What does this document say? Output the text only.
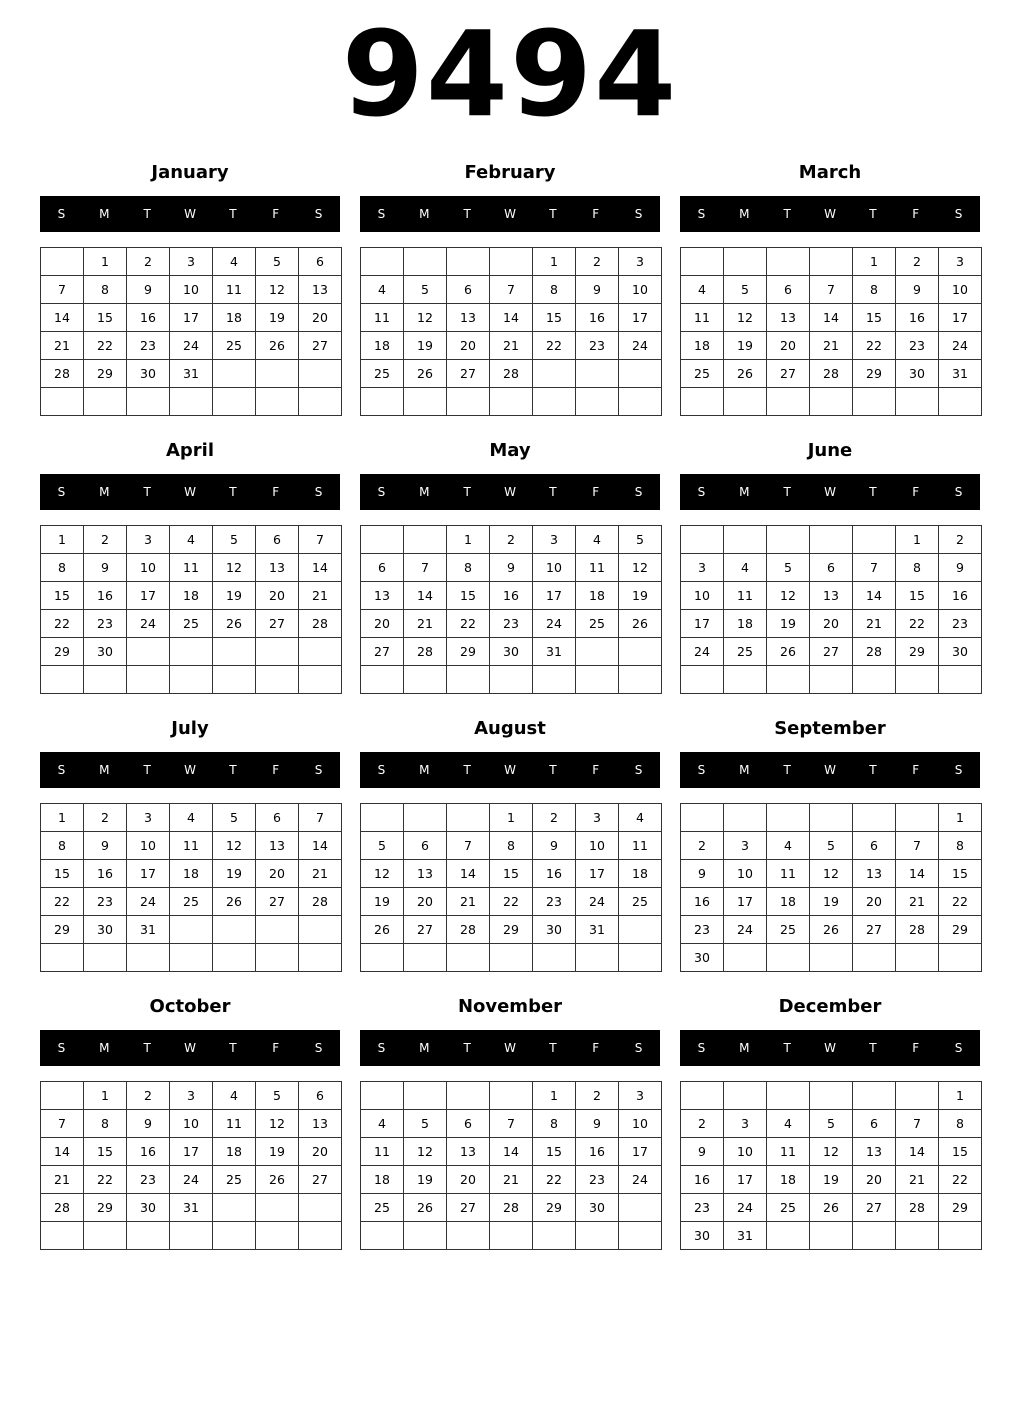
9494
January
S	M	T	W	T	F	S
	1	2	3	4	5	6
7	8	9	10	11	12	13
14	15	16	17	18	19	20
21	22	23	24	25	26	27
28	29	30	31			

February
S	M	T	W	T	F	S
				1	2	3
4	5	6	7	8	9	10
11	12	13	14	15	16	17
18	19	20	21	22	23	24
25	26	27	28			

March
S	M	T	W	T	F	S
				1	2	3
4	5	6	7	8	9	10
11	12	13	14	15	16	17
18	19	20	21	22	23	24
25	26	27	28	29	30	31

April
S	M	T	W	T	F	S
1	2	3	4	5	6	7
8	9	10	11	12	13	14
15	16	17	18	19	20	21
22	23	24	25	26	27	28
29	30					

May
S	M	T	W	T	F	S
		1	2	3	4	5
6	7	8	9	10	11	12
13	14	15	16	17	18	19
20	21	22	23	24	25	26
27	28	29	30	31		

June
S	M	T	W	T	F	S
					1	2
3	4	5	6	7	8	9
10	11	12	13	14	15	16
17	18	19	20	21	22	23
24	25	26	27	28	29	30

July
S	M	T	W	T	F	S
1	2	3	4	5	6	7
8	9	10	11	12	13	14
15	16	17	18	19	20	21
22	23	24	25	26	27	28
29	30	31				

August
S	M	T	W	T	F	S
			1	2	3	4
5	6	7	8	9	10	11
12	13	14	15	16	17	18
19	20	21	22	23	24	25
26	27	28	29	30	31	

September
S	M	T	W	T	F	S
						1
2	3	4	5	6	7	8
9	10	11	12	13	14	15
16	17	18	19	20	21	22
23	24	25	26	27	28	29
30						
October
S	M	T	W	T	F	S
	1	2	3	4	5	6
7	8	9	10	11	12	13
14	15	16	17	18	19	20
21	22	23	24	25	26	27
28	29	30	31			

November
S	M	T	W	T	F	S
				1	2	3
4	5	6	7	8	9	10
11	12	13	14	15	16	17
18	19	20	21	22	23	24
25	26	27	28	29	30	

December
S	M	T	W	T	F	S
						1
2	3	4	5	6	7	8
9	10	11	12	13	14	15
16	17	18	19	20	21	22
23	24	25	26	27	28	29
30	31					
